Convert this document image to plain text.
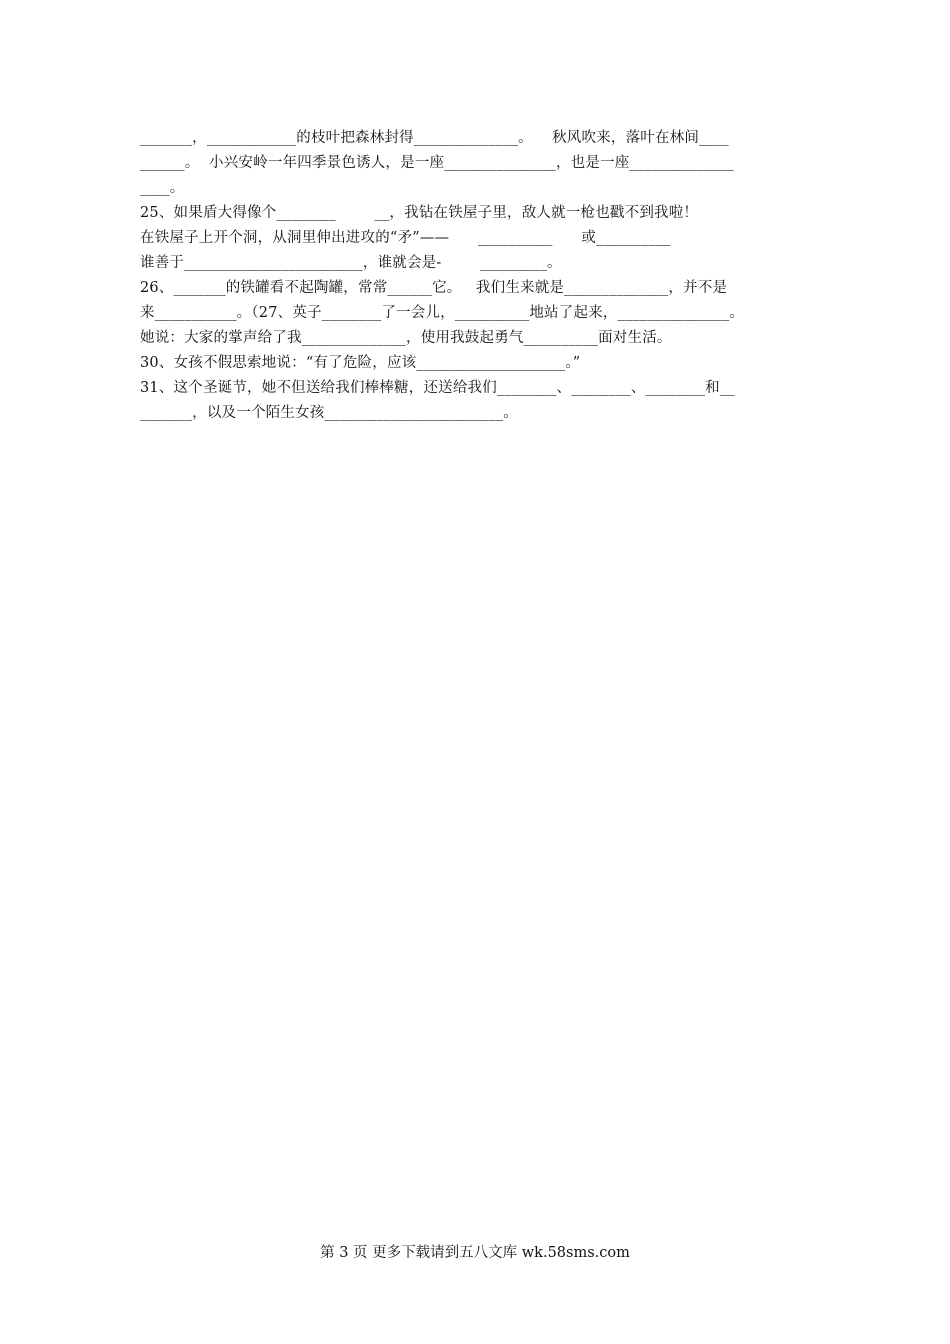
_______，____________的枝叶把森林封得______________。    秋风吹来，落叶在林间____
______。  小兴安岭一年四季景色诱人，是一座_______________，也是一座______________
____。
25、如果盾大得像个________        __，我钻在铁屋子里，敌人就一枪也戳不到我啦！
在铁屋子上开个洞，从洞里伸出进攻的“矛”——      __________      或__________
谁善于________________________，谁就会是-        _________。
26、_______的铁罐看不起陶罐，常常______它。   我们生来就是______________，并不是
来___________。（27、英子________了一会儿，__________地站了起来，_______________。
她说：大家的掌声给了我______________，使用我鼓起勇气__________面对生活。
30、女孩不假思索地说：“有了危险，应该____________________。”
31、这个圣诞节，她不但送给我们棒棒糖，还送给我们________、________、________和__
_______，以及一个陌生女孩________________________。
第 3 页 更多下载请到五八文库 wk.58sms.com
